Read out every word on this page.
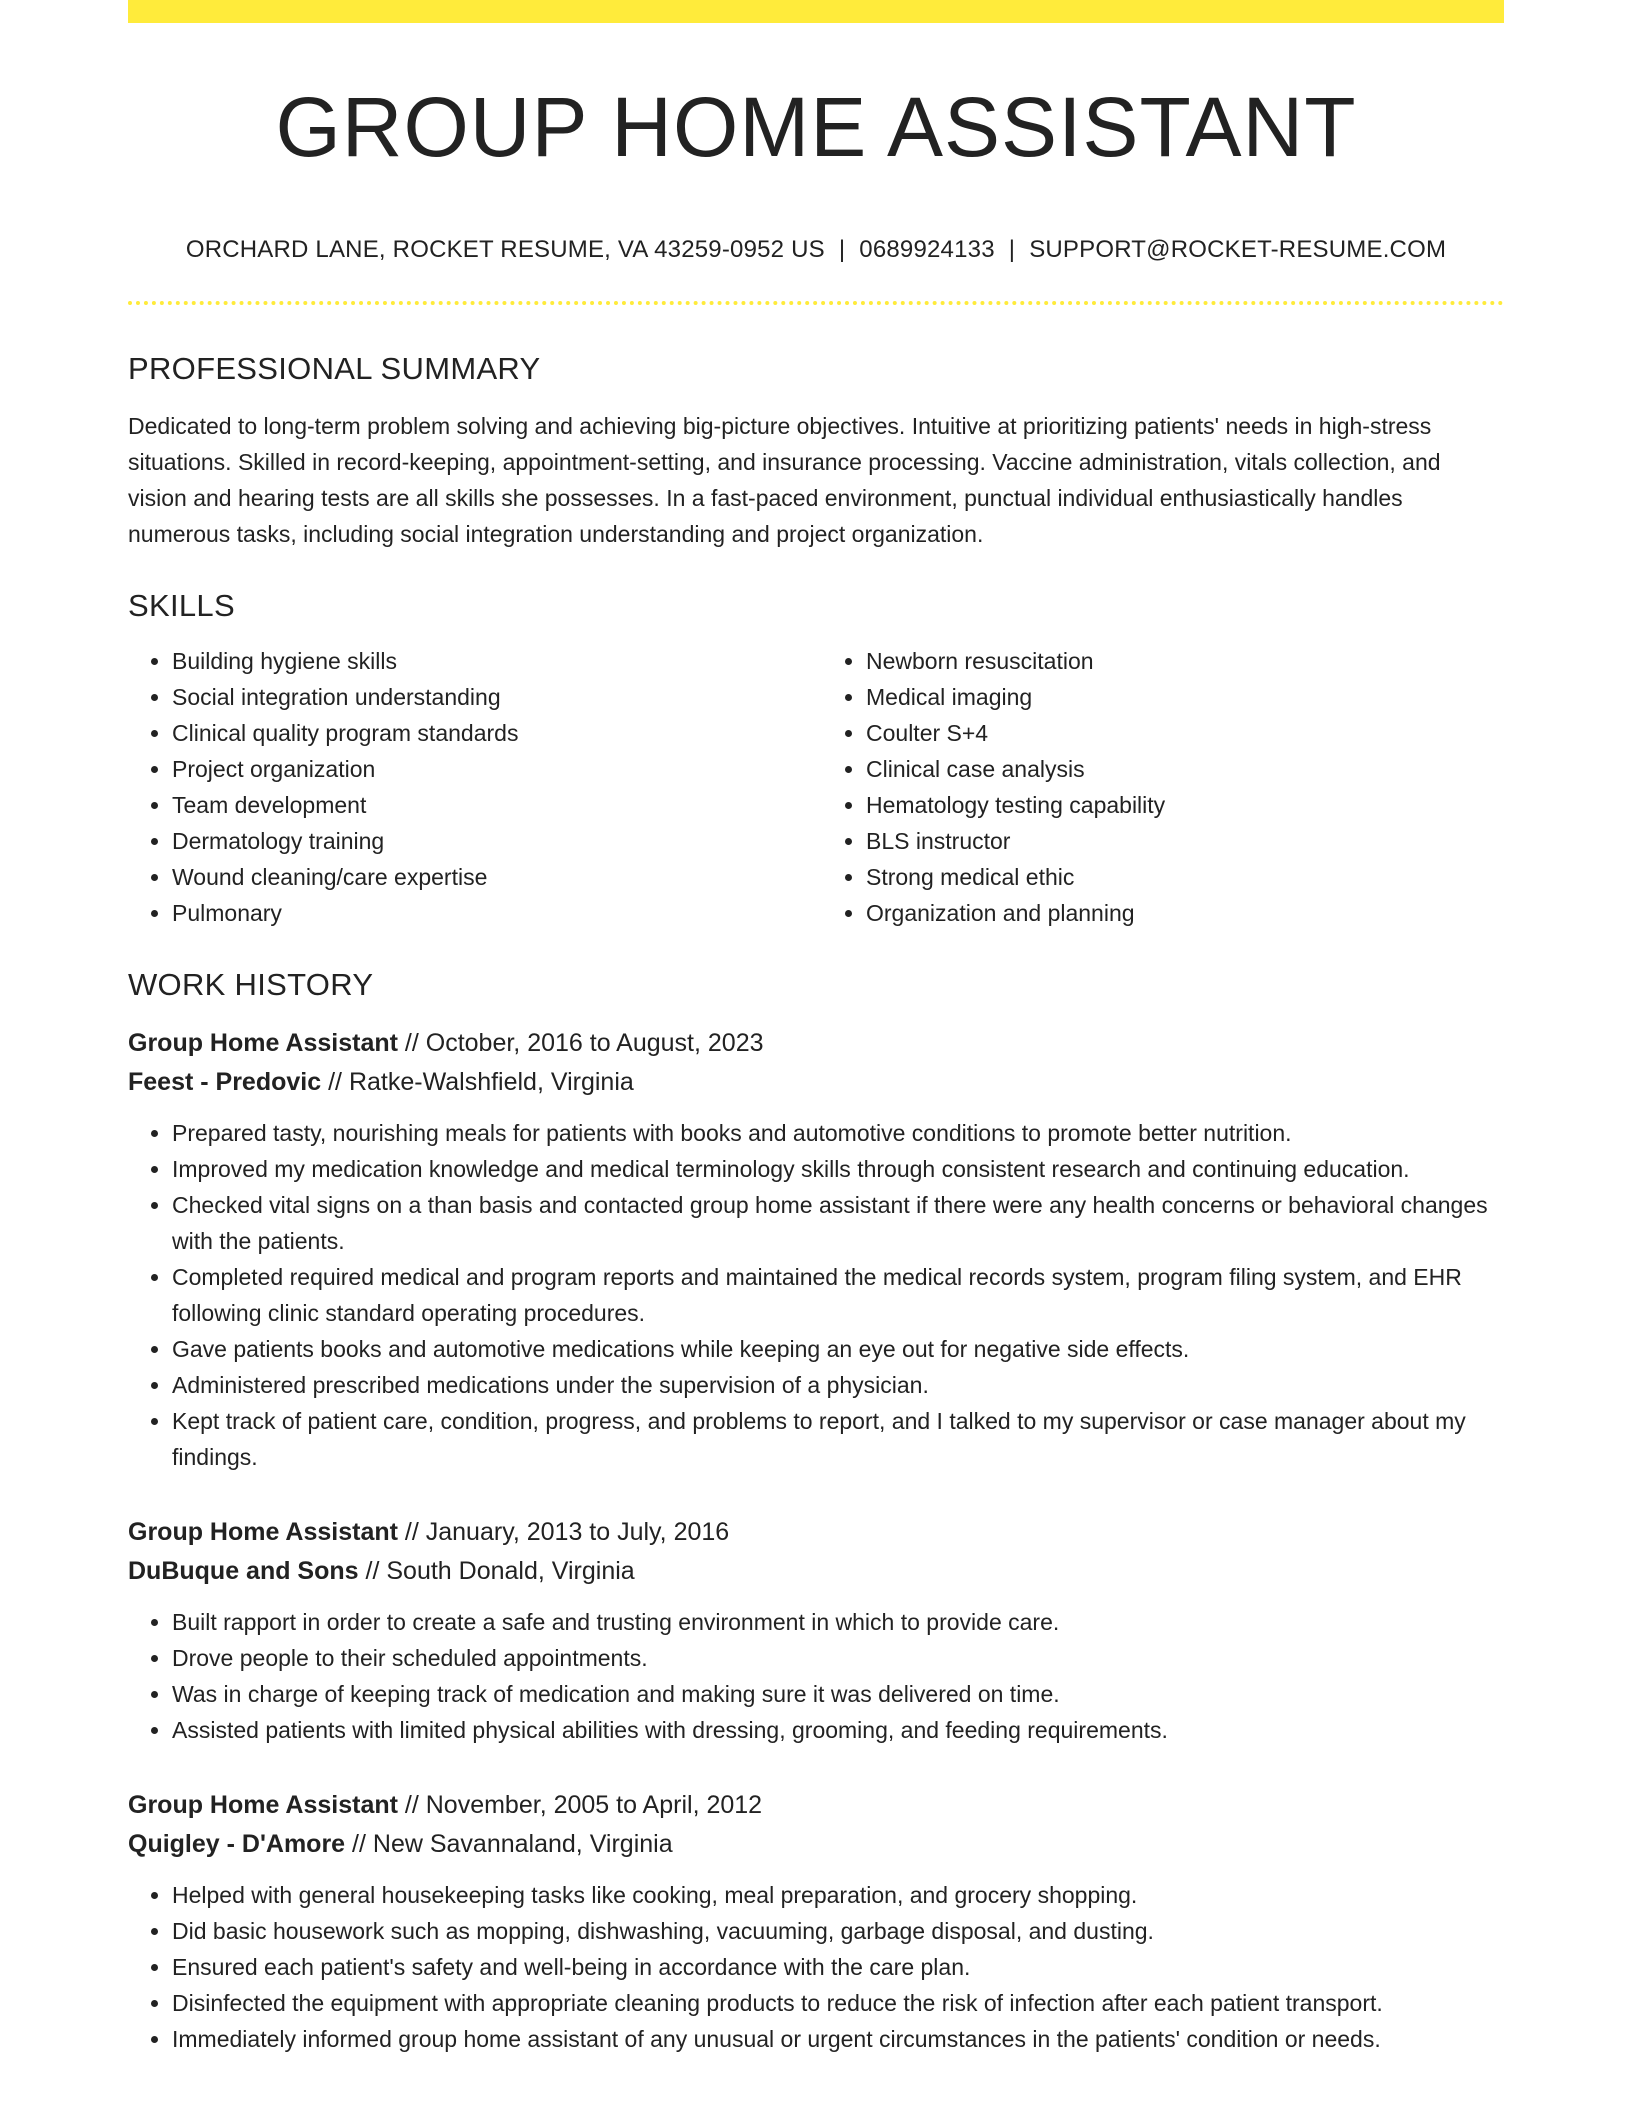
GROUP HOME ASSISTANT
ORCHARD LANE, ROCKET RESUME, VA 43259-0952 US | 0689924133 | SUPPORT@ROCKET-RESUME.COM
PROFESSIONAL SUMMARY

Dedicated to long-term problem solving and achieving big-picture objectives. Intuitive at prioritizing patients' needs in high-stress situations. Skilled in record-keeping, appointment-setting, and insurance processing. Vaccine administration, vitals collection, and vision and hearing tests are all skills she possesses. In a fast-paced environment, punctual individual enthusiastically handles numerous tasks, including social integration understanding and project organization.

SKILLS
• Building hygiene skills
• Social integration understanding
• Clinical quality program standards
• Project organization
• Team development
• Dermatology training
• Wound cleaning/care expertise
• Pulmonary
• Newborn resuscitation
• Medical imaging
• Coulter S+4
• Clinical case analysis
• Hematology testing capability
• BLS instructor
• Strong medical ethic
• Organization and planning
WORK HISTORY
Group Home Assistant // October, 2016 to August, 2023
Feest - Predovic // Ratke-Walshfield, Virginia
• Prepared tasty, nourishing meals for patients with books and automotive conditions to promote better nutrition.
• Improved my medication knowledge and medical terminology skills through consistent research and continuing education.
• Checked vital signs on a than basis and contacted group home assistant if there were any health concerns or behavioral changes with the patients.
• Completed required medical and program reports and maintained the medical records system, program filing system, and EHR following clinic standard operating procedures.
• Gave patients books and automotive medications while keeping an eye out for negative side effects.
• Administered prescribed medications under the supervision of a physician.
• Kept track of patient care, condition, progress, and problems to report, and I talked to my supervisor or case manager about my findings.
Group Home Assistant // January, 2013 to July, 2016
DuBuque and Sons // South Donald, Virginia
• Built rapport in order to create a safe and trusting environment in which to provide care.
• Drove people to their scheduled appointments.
• Was in charge of keeping track of medication and making sure it was delivered on time.
• Assisted patients with limited physical abilities with dressing, grooming, and feeding requirements.
Group Home Assistant // November, 2005 to April, 2012
Quigley - D'Amore // New Savannaland, Virginia
• Helped with general housekeeping tasks like cooking, meal preparation, and grocery shopping.
• Did basic housework such as mopping, dishwashing, vacuuming, garbage disposal, and dusting.
• Ensured each patient's safety and well-being in accordance with the care plan.
• Disinfected the equipment with appropriate cleaning products to reduce the risk of infection after each patient transport.
• Immediately informed group home assistant of any unusual or urgent circumstances in the patients' condition or needs.
